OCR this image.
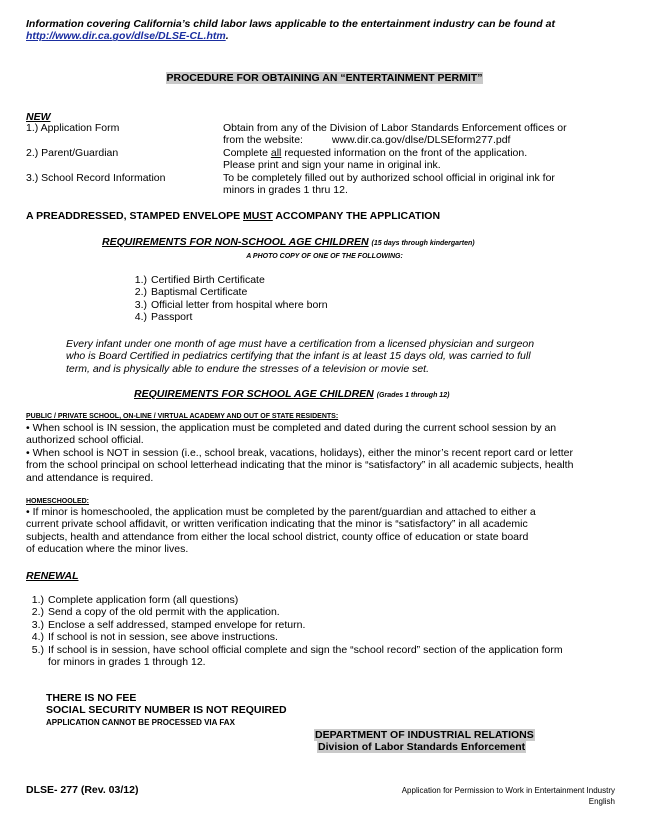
Information covering California’s child labor laws applicable to the entertainment industry can be found at
http://www.dir.ca.gov/dlse/DLSE-CL.htm.
PROCEDURE FOR OBTAINING AN “ENTERTAINMENT PERMIT”
NEW
1.) Application Form	Obtain from any of the Division of Labor Standards Enforcement offices or
from the website:	www.dir.ca.gov/dlse/DLSEform277.pdf
2.) Parent/Guardian	Complete all requested information on the front of the application.
Please print and sign your name in original ink.
3.) School Record Information	To be completely filled out by authorized school official in original ink for
minors in grades 1 thru 12.
A PREADDRESSED, STAMPED ENVELOPE MUST ACCOMPANY THE APPLICATION
REQUIREMENTS FOR NON-SCHOOL AGE CHILDREN (15 days through kindergarten)
A PHOTO COPY OF ONE OF THE FOLLOWING:
1.) Certified Birth Certificate
2.) Baptismal Certificate
3.) Official letter from hospital where born
4.) Passport
Every infant under one month of age must have a certification from a licensed physician and surgeon
who is Board Certified in pediatrics certifying that the infant is at least 15 days old, was carried to full
term, and is physically able to endure the stresses of a television or movie set.
REQUIREMENTS FOR SCHOOL AGE CHILDREN (Grades 1 through 12)
PUBLIC / PRIVATE SCHOOL, ON-LINE / VIRTUAL ACADEMY AND OUT OF STATE RESIDENTS:

• When school is IN session, the application must be completed and dated during the current school session by an

authorized school official.

• When school is NOT in session (i.e., school break, vacations, holidays), either the minor’s recent report card or letter

from the school principal on school letterhead indicating that the minor is “satisfactory” in all academic subjects, health

and attendance is required.

HOMESCHOOLED:

• If minor is homeschooled, the application must be completed by the parent/guardian and attached to either a

current private school affidavit, or written verification indicating that the minor is “satisfactory” in all academic

subjects, health and attendance from either the local school district, county office of education or state board

of education where the minor lives.

RENEWAL
1.) Complete application form (all questions)
2.) Send a copy of the old permit with the application.
3.) Enclose a self addressed, stamped envelope for return.
4.) If school is not in session, see above instructions.
5.) If school is in session, have school official complete and sign the “school record” section of the application form
for minors in grades 1 through 12.
THERE IS NO FEE
SOCIAL SECURITY NUMBER IS NOT REQUIRED
APPLICATION CANNOT BE PROCESSED VIA FAX
DEPARTMENT OF INDUSTRIAL RELATIONS
Division of Labor Standards Enforcement
DLSE- 277 (Rev. 03/12)	Application for Permission to Work in Entertainment Industry
English
